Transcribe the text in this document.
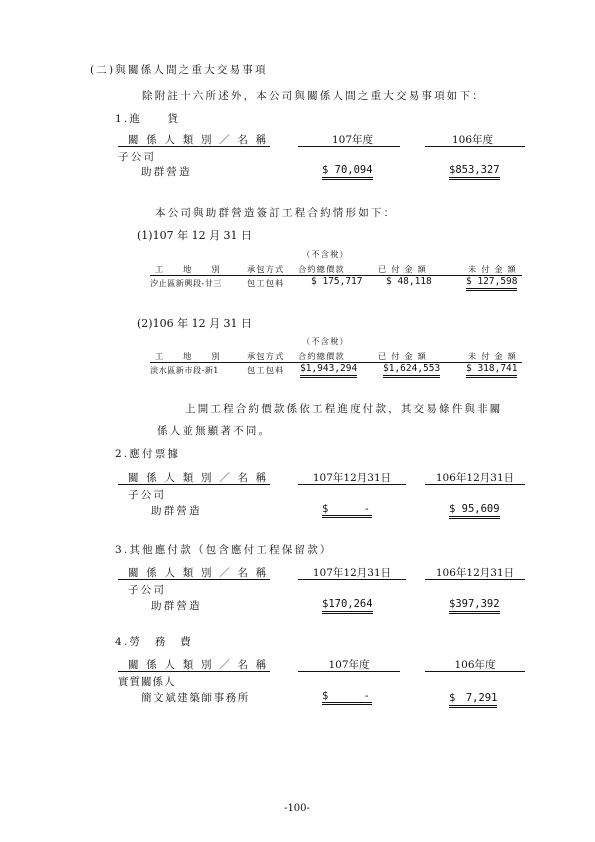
(二)與關係人間之重大交易事項
除附註十六所述外，本公司與關係人間之重大交易事項如下：
1.進　　貨
關 係 人 類 別 ／ 名 稱	107年度	106年度
子公司
助群營造	$ 70,094	$853,327
本公司與助群營造簽訂工程合約情形如下：
(1)107 年 12 月 31 日
（不含稅）
工　　地　　別	承包方式 合約總價款	已 付 金 額	未 付 金 額
汐止區新興段-甘三	包工包料	$ 175,717 $ 48,118	$ 127,598
(2)106 年 12 月 31 日
（不含稅）
工　　地　　別	承包方式 合約總價款	已 付 金 額	未 付 金 額
淡水區新市段-新1	包工包料 $1,943,294	$1,624,553	$ 318,741
上開工程合約價款係依工程進度付款，其交易條件與非關
係人並無顯著不同。
2.應付票據
關 係 人 類 別 ／ 名 稱	107年12月31日	106年12月31日
子公司
助群營造	$	-	$ 95,609
3.其他應付款（包含應付工程保留款）
關 係 人 類 別 ／ 名 稱	107年12月31日	106年12月31日
子公司
助群營造	$170,264	$397,392
4.勞　務　費
關 係 人 類 別 ／ 名 稱	107年度	106年度
實質關係人
簡文斌建築師事務所	$	-	$　7,291
-100-
